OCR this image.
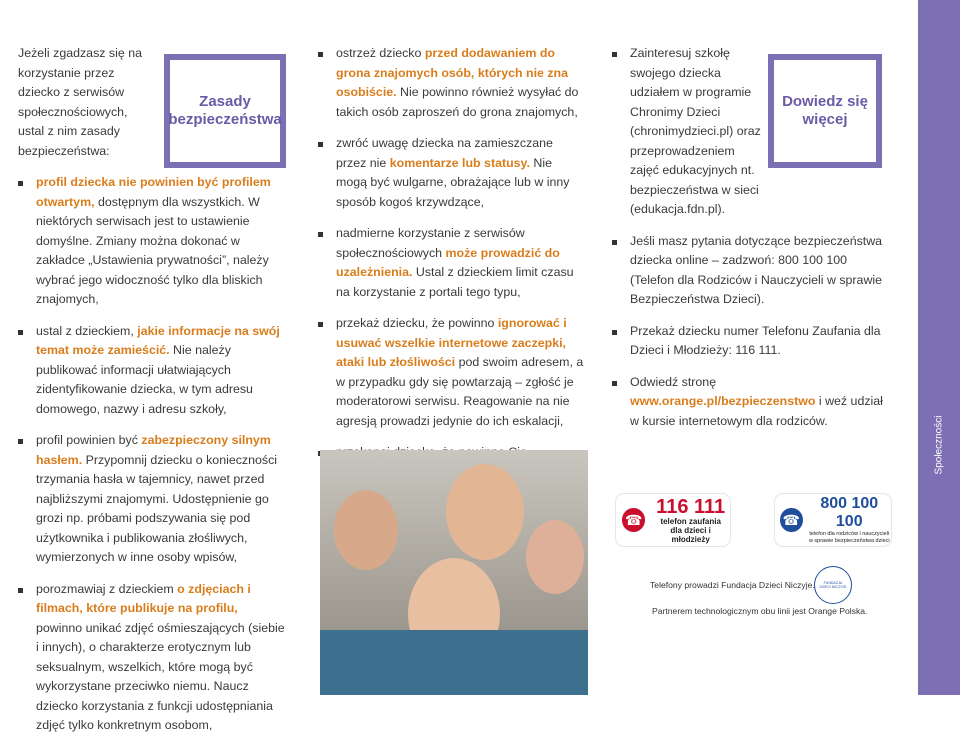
Zasady bezpieczeństwa

Jeżeli zgadzasz się na korzystanie przez dziecko z serwisów społecznościowych, ustal z nim zasady bezpieczeństwa:

profil dziecka nie powinien być profilem otwartym, dostępnym dla wszystkich. W niektórych serwisach jest to ustawienie domyślne. Zmiany można dokonać w zakładce „Ustawienia prywatności”, należy wybrać jego widoczność tylko dla bliskich znajomych,

ustal z dzieckiem, jakie informacje na swój temat może zamieścić. Nie należy publikować informacji ułatwiających zidentyfikowanie dziecka, w tym adresu domowego, nazwy i adresu szkoły,

profil powinien być zabezpieczony silnym hasłem. Przypomnij dziecku o konieczności trzymania hasła w tajemnicy, nawet przed najbliższymi znajomymi. Udostępnienie go grozi np. próbami podszywania się pod użytkownika i publikowania złośliwych, wymierzonych w inne osoby wpisów,

porozmawiaj z dzieckiem o zdjęciach i filmach, które publikuje na profilu, powinno unikać zdjęć ośmieszających (siebie i innych), o charakterze erotycznym lub seksualnym, wszelkich, które mogą być wykorzystane przeciwko niemu. Naucz dziecko korzystania z funkcji udostępniania zdjęć tylko konkretnym osobom,

ostrzeż dziecko przed dodawaniem do grona znajomych osób, których nie zna osobiście. Nie powinno również wysyłać do takich osób zaproszeń do grona znajomych,

zwróć uwagę dziecka na zamieszczane przez nie komentarze lub statusy. Nie mogą być wulgarne, obrażające lub w inny sposób kogoś krzywdzące,

nadmierne korzystanie z serwisów społecznościowych może prowadzić do uzależnienia. Ustal z dzieckiem limit czasu na korzystanie z portali tego typu,

przekaż dziecku, że powinno ignorować i usuwać wszelkie internetowe zaczepki, ataki lub złośliwości pod swoim adresem, a w przypadku gdy się powtarzają – zgłość je moderatorowi serwisu. Reagowanie na nie agresją prowadzi jedynie do ich eskalacji,

Dowiedz się więcej

Zainteresuj szkołę swojego dziecka udziałem w programie Chronimy Dzieci (chronimydzieci.pl) oraz przeprowadzeniem zajęć edukacyjnych nt. bezpieczeństwa w sieci (edukacja.fdn.pl).

Jeśli masz pytania dotyczące bezpieczeństwa dziecka online – zadzwoń: 800 100 100 (Telefon dla Rodziców i Nauczycieli w sprawie Bezpieczeństwa Dzieci).

Przekaż dziecku numer Telefonu Zaufania dla Dzieci i Młodzieży: 116 111.

Odwiedź stronę www.orange.pl/bezpieczenstwo i weź udział w kursie internetowym dla rodziców.

☎
116 111
telefon zaufania
dla dzieci i młodzieży
☎
800 100 100
telefon dla rodziców i nauczycieli
w sprawie bezpieczeństwa dzieci
Telefony prowadzi Fundacja Dzieci Niczyje.	FUNDACJA DZIECI NICZYJE
Partnerem technologicznym obu linii jest Orange Polska.
Społeczności
